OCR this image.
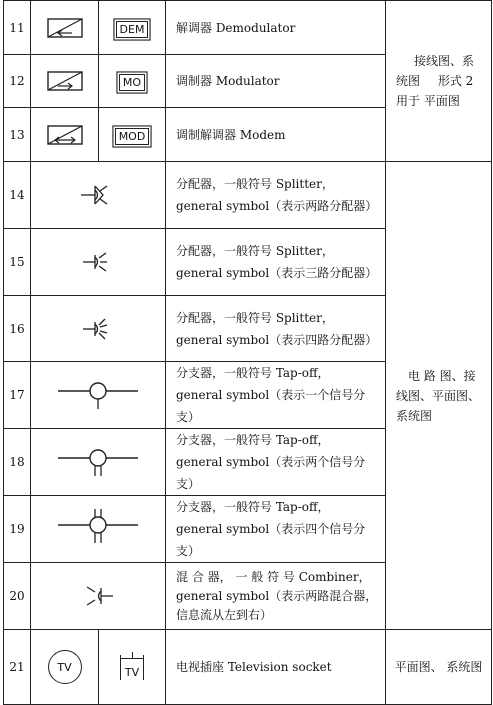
11		DEM	解调器 Demodulator	接线图、系 统图 形式 2 用于 平面图
12		MO	调制器 Modulator	

13		MOD	调制解调器 Modem	

14			分配器，一般符号 Splitter，
general symbol（表示两路分配器）	电 路 图、接 线图、平面图、 系统图
15			分配器，一般符号 Splitter，
general symbol（表示三路分配器）	

16			分配器，一般符号 Splitter，
general symbol（表示四路分配器）	

17			分支器，一般符号 Tap-off，
general symbol（表示一个信号分支）	

18			分支器，一般符号 Tap-off，
general symbol（表示两个信号分支）	

19			分支器，一般符号 Tap-off，
general symbol（表示四个信号分支）	

20			混 合 器， 一 般 符 号 Combiner，
general symbol（表示两路混合器，
信息流从左到右）	

21	TV	TV	电视插座 Television socket	平面图、 系统图
